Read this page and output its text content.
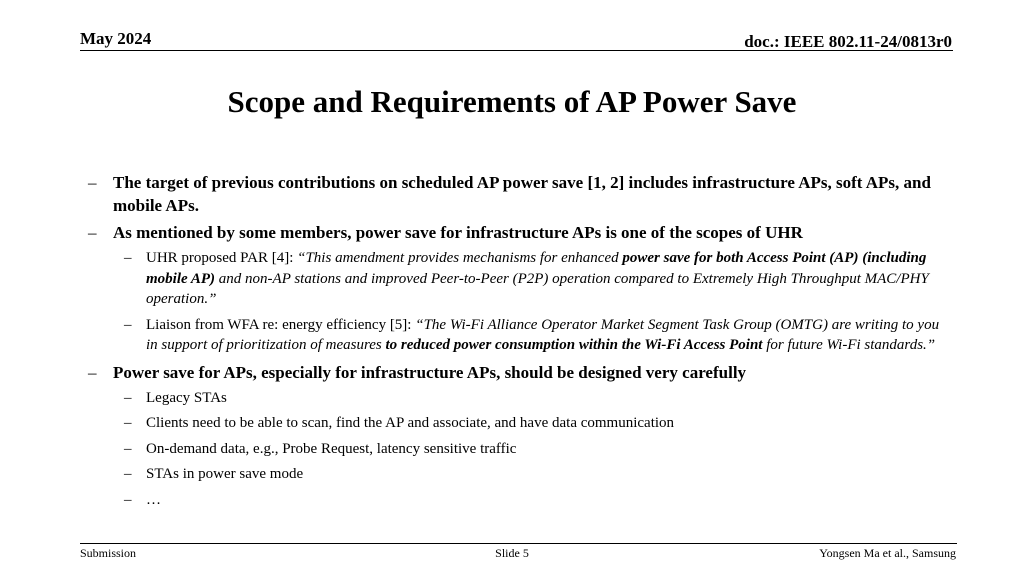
May 2024	doc.: IEEE 802.11-24/0813r0
Scope and Requirements of AP Power Save
– The target of previous contributions on scheduled AP power save [1, 2] includes infrastructure APs, soft APs, and mobile APs.
– As mentioned by some members, power save for infrastructure APs is one of the scopes of UHR
– UHR proposed PAR [4]: “This amendment provides mechanisms for enhanced power save for both Access Point (AP) (including mobile AP) and non-AP stations and improved Peer-to-Peer (P2P) operation compared to Extremely High Throughput MAC/PHY operation.”
– Liaison from WFA re: energy efficiency [5]: “The Wi-Fi Alliance Operator Market Segment Task Group (OMTG) are writing to you in support of prioritization of measures to reduced power consumption within the Wi-Fi Access Point for future Wi-Fi standards.”
– Power save for APs, especially for infrastructure APs, should be designed very carefully
– Legacy STAs
– Clients need to be able to scan, find the AP and associate, and have data communication
– On-demand data, e.g., Probe Request, latency sensitive traffic
– STAs in power save mode
– …
Submission	Slide 5	Yongsen Ma et al., Samsung
